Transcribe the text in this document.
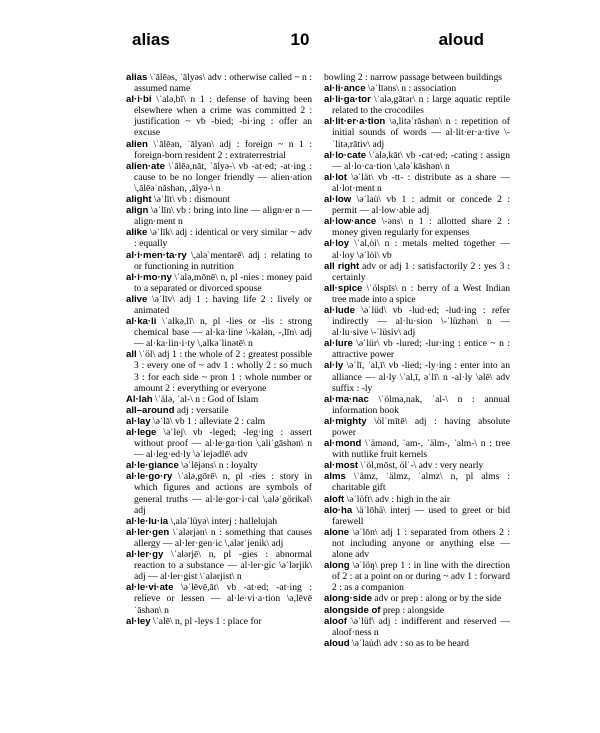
alias	10	aloud

alias \ˈālēəs, ˈālyəs\ adv : otherwise called ~ n : assumed name

al·i·bi \ˈalə,bī\ n 1 : defense of having been elsewhere when a crime was committed 2 : justification ~ vb -bied; -bi·ing : offer an excuse

alien \ˈālēən, ˈālyən\ adj : foreign ~ n 1 : foreign-born resident 2 : extraterrestrial

alien·ate \ˈālēə,nāt, ˈālyə-\ vb -at·ed; -at·ing : cause to be no longer friendly — alien·ation \,ālēəˈnāshən, ,ālyə-\ n

alight \əˈlīt\ vb : dismount

align \əˈlīn\ vb : bring into line — align·er n — align·ment n

alike \əˈlīk\ adj : identical or very similar ~ adv : equally

al·i·men·ta·ry \,aləˈmentərē\ adj : relating to or functioning in nutrition

al·i·mo·ny \ˈalə,mōnē\ n, pl -nies : money paid to a separated or divorced spouse

alive \əˈlīv\ adj 1 : having life 2 : lively or animated

al·ka·li \ˈalkə,lī\ n, pl -lies or -lis : strong chemical base — al·ka·line \-kələn, -,līn\ adj — al·ka·lin·i·ty \,alkəˈlinətē\ n

all \ˈöl\ adj 1 : the whole of 2 : greatest possible 3 : every one of ~ adv 1 : wholly 2 : so much 3 : for each side ~ pron 1 : whole number or amount 2 : everything or everyone

Al·lah \ˈälə, ˈal-\ n : God of Islam

all–around adj : versatile

al·lay \əˈlā\ vb 1 : alleviate 2 : calm

al·lege \əˈlej\ vb -leged; -leg·ing : assert without proof — al·le·ga·tion \,aliˈgāshən\ n — al·leg·ed·ly \əˈlejədlē\ adv

al·le·giance \əˈlējəns\ n : loyalty

al·le·go·ry \ˈalə,gōrē\ n, pl -ries : story in which figures and actions are symbols of general truths — al·le·gor·i·cal \,aləˈgörikəl\ adj

al·le·lu·ia \,aləˈlüyə\ interj : hallelujah

al·ler·gen \ˈalərjən\ n : something that causes allergy — al·ler·gen·ic \,alərˈjenik\ adj

al·ler·gy \ˈalərjē\ n, pl -gies : abnormal reaction to a substance — al·ler·gic \əˈlərjik\ adj — al·ler·gist \ˈalərjist\ n

al·le·vi·ate \əˈlēvē,āt\ vb -at·ed; -at·ing : relieve or lessen — al·le·vi·a·tion \ə,lēvēˈāshən\ n

al·ley \ˈalē\ n, pl -leys 1 : place for

bowling 2 : narrow passage between buildings

al·li·ance \əˈlīəns\ n : association

al·li·ga·tor \ˈalə,gātər\ n : large aquatic reptile related to the crocodiles

al·lit·er·a·tion \ə,litəˈrāshən\ n : repetition of initial sounds of words — al·lit·er·a·tive \-ˈlitə,rātiv\ adj

al·lo·cate \ˈalə,kāt\ vb -cat·ed; -cating : assign — al·lo·ca·tion \,aləˈkāshən\ n

al·lot \əˈlät\ vb -tt- : distribute as a share — al·lot·ment n

al·low \əˈlau̇\ vb 1 : admit or concede 2 : permit — al·low·able adj

al·low·ance \-əns\ n 1 : allotted share 2 : money given regularly for expenses

al·loy \ˈal,ȯi\ n : metals melted together — al·loy \əˈlȯi\ vb

all right adv or adj 1 : satisfactorily 2 : yes 3 : certainly

all·spice \ˈölspīs\ n : berry of a West Indian tree made into a spice

al·lude \əˈlüd\ vb -lud·ed; -lud·ing : refer indirectly — al·lu·sion \-ˈlüzhən\ n — al·lu·sive \-ˈlüsiv\ adj

al·lure \əˈlür\ vb -lured; -lur·ing : entice ~ n : attractive power

al·ly \əˈlī, ˈal,ī\ vb -lied; -ly·ing : enter into an alliance — al·ly \ˈal,ī, əˈlī\ n -al·ly \əlē\ adv suffix : -ly

al·ma·nac \ˈölmə,nak, ˈal-\ n : annual information book

al·mighty \ölˈmītē\ adj : having absolute power

al·mond \ˈämənd, ˈam-, ˈälm-, ˈalm-\ n : tree with nutlike fruit kernels

al·most \ˈöl,mōst, ölˈ-\ adv : very nearly

alms \ˈämz, ˈälmz, ˈalmz\ n, pl alms : charitable gift

aloft \əˈlöft\ adv : high in the air

alo·ha \äˈlōhä\ interj — used to greet or bid farewell

alone \əˈlōn\ adj 1 : separated from others 2 : not including anyone or anything else — alone adv

along \əˈlöŋ\ prep 1 : in line with the direction of 2 : at a point on or during ~ adv 1 : forward 2 : as a companion

along·side adv or prep : along or by the side

alongside of prep : alongside

aloof \əˈlüf\ adj : indifferent and reserved — aloof·ness n

aloud \əˈlau̇d\ adv : so as to be heard
